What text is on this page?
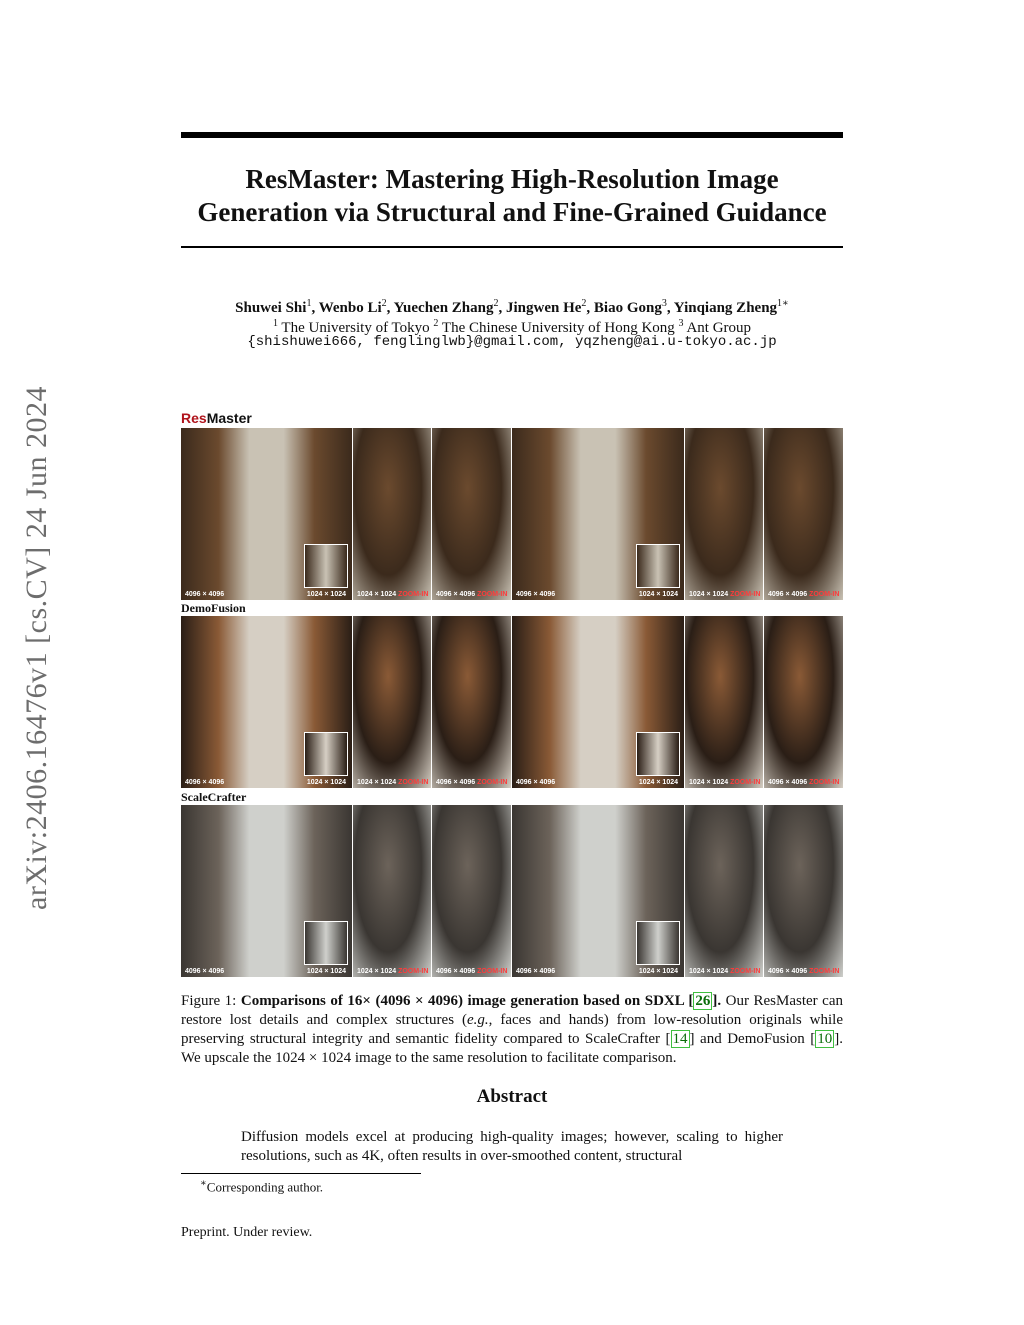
ResMaster: Mastering High-Resolution Image
Generation via Structural and Fine-Grained Guidance
Shuwei Shi$^1$, Wenbo Li$^2$, Yuechen Zhang$^2$, Jingwen He$^2$, Biao Gong$^3$, Yinqiang Zheng$^{1∗}$
$^1$ The University of Tokyo $^2$ The Chinese University of Hong Kong $^3$ Ant Group
{shishuwei666, fenglinglwb}@gmail.com, yqzheng@ai.u-tokyo.ac.jp
arXiv:2406.16476v1 [cs.CV] 24 Jun 2024	ResMaster
DemoFusion
ScaleCrafter
1024 × 1024
4096 × 4096	1024 × 1024 ZOOM-IN 4096 × 4096 ZOOM-IN	1024 × 1024
4096 × 4096	1024 × 1024 ZOOM-IN 4096 × 4096 ZOOM-IN
1024 × 1024
4096 × 4096	1024 × 1024 ZOOM-IN 4096 × 4096 ZOOM-IN	1024 × 1024
4096 × 4096	1024 × 1024 ZOOM-IN 4096 × 4096 ZOOM-IN
1024 × 1024
4096 × 4096	1024 × 1024 ZOOM-IN 4096 × 4096 ZOOM-IN	1024 × 1024
4096 × 4096	1024 × 1024 ZOOM-IN 4096 × 4096 ZOOM-IN
Figure 1: Comparisons of 16× (4096 × 4096) image generation based on SDXL [ 26 ]. Our ResMaster can restore lost details and complex structures (e.g., faces and hands) from low-resolution originals while preserving structural integrity and semantic fidelity compared to ScaleCrafter [ 14 ] and DemoFusion [ 10 ]. We upscale the 1024 × 1024 image to the same resolution to facilitate comparison.
Abstract
Diffusion models excel at producing high-quality images; however, scaling to higher resolutions, such as 4K, often results in over-smoothed content, structural
∗Corresponding author.
Preprint. Under review.
